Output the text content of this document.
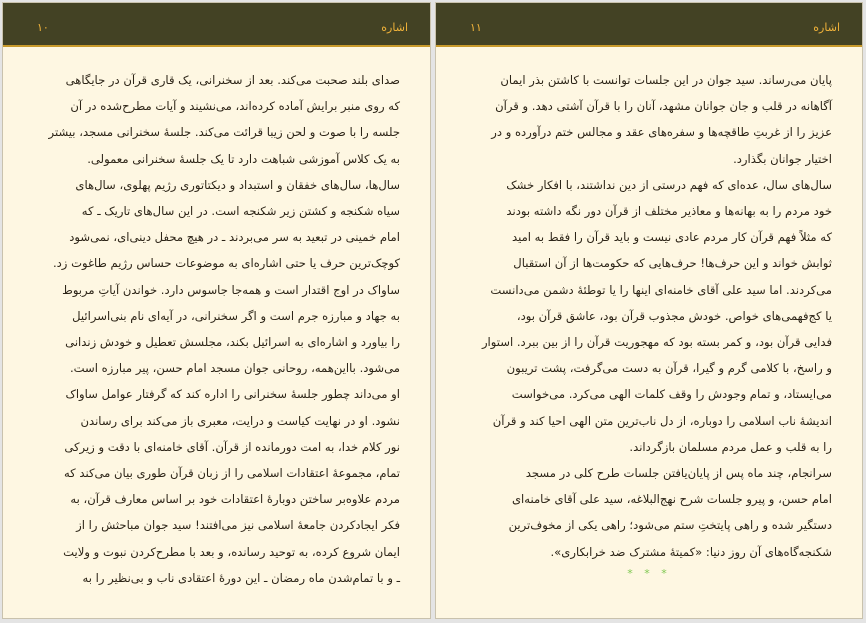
اشاره
۱۰
صدای بلند صحبت می‌کند. بعد از سخنرانی، یک قاری قرآن در جایگاهی
که روی منبر برایش آماده کرده‌اند، می‌نشیند و آیات مطرح‌شده در آن
جلسه را با صوت و لحن زیبا قرائت می‌کند. جلسهٔ سخنرانی مسجد، بیشتر
به یک کلاس آموزشی شباهت دارد تا یک جلسهٔ سخنرانی معمولی.
سال‌ها، سال‌های خفقان و استبداد و دیکتاتوری رژیم پهلوی، سال‌های
سیاه شکنجه و کشتن زیر شکنجه است. در این سال‌های تاریک ـ که
امام خمینی در تبعید به سر می‌بردند ـ در هیچ محفل دینی‌ای، نمی‌شود
کوچک‌ترین حرف یا حتی اشاره‌ای به موضوعات حساس رژیم طاغوت زد.
ساواک در اوج اقتدار است و همه‌جا جاسوس دارد. خواندن آیاتِ مربوط
به جهاد و مبارزه جرم است و اگر سخنرانی، در آیه‌ای نام بنی‌اسرائیل
را بیاورد و اشاره‌ای به اسرائیل بکند، مجلسش تعطیل و خودش زندانی
می‌شود. بااین‌همه، روحانی جوان مسجد امام حسن، پیر مبارزه است.
او می‌داند چطور جلسهٔ سخنرانی را اداره کند که گرفتار عوامل ساواک
نشود. او در نهایت کیاست و درایت، معبری باز می‌کند برای رساندن
نور کلام خدا، به امت دورمانده از قرآن. آقای خامنه‌ای با دقت و زیرکی
تمام، مجموعهٔ اعتقادات اسلامی را از زبان قرآن طوری بیان می‌کند که
مردم علاوه‌بر ساختن دوبارهٔ اعتقادات خود بر اساس معارف قرآن، به
فکر ایجادکردن جامعهٔ اسلامی نیز می‌افتند! سید جوان مباحثش را از
ایمان شروع کرده، به توحید رسانده، و بعد با مطرح‌کردن نبوت و ولایت
ـ و با تمام‌شدن ماه رمضان ـ این دورهٔ اعتقادی ناب و بی‌نظیر را به
اشاره
۱۱
پایان می‌رساند. سید جوان در این جلسات توانست با کاشتن بذر ایمان
آگاهانه در قلب و جان جوانان مشهد، آنان را با قرآن آشتی دهد. و قرآن
عزیز را از غربتِ طاقچه‌ها و سفره‌های عقد و مجالس ختم درآورده و در
اختیار جوانان بگذارد.
سال‌های سال، عده‌ای که فهم درستی از دین نداشتند، با افکار خشک
خود مردم را به بهانه‌ها و معاذیر مختلف از قرآن دور نگه داشته بودند
که مثلاً فهم قرآن کار مردم عادی نیست و باید قرآن را فقط به امید
ثوابش خواند و این حرف‌ها! حرف‌هایی که حکومت‌ها از آن استقبال
می‌کردند. اما سید علی آقای خامنه‌ای اینها را یا توطئهٔ دشمن می‌دانست
یا کج‌فهمی‌های خواص. خودش مجذوب قرآن بود، عاشق قرآن بود،
فدایی قرآن بود، و کمر بسته بود که مهجوریت قرآن را از بین ببرد. استوار
و راسخ، با کلامی گرم و گیرا، قرآن به دست می‌گرفت، پشت تریبون
می‌ایستاد، و تمام وجودش را وقف کلمات الهی می‌کرد. می‌خواست
اندیشهٔ ناب اسلامی را دوباره، از دل ناب‌ترین متن الهی احیا کند و قرآن
را به قلب و عمل مردم مسلمان بازگرداند.
سرانجام، چند ماه پس از پایان‌یافتن جلسات طرح کلی در مسجد
امام حسن، و پیرو جلسات شرح نهج‌البلاغه، سید علی آقای خامنه‌ای
دستگیر شده و راهی پایتختِ ستم می‌شود؛ راهی یکی از مخوف‌ترین
شکنجه‌گاه‌های آن روز دنیا: «کمیتهٔ مشترک ضد خرابکاری».
* * *
